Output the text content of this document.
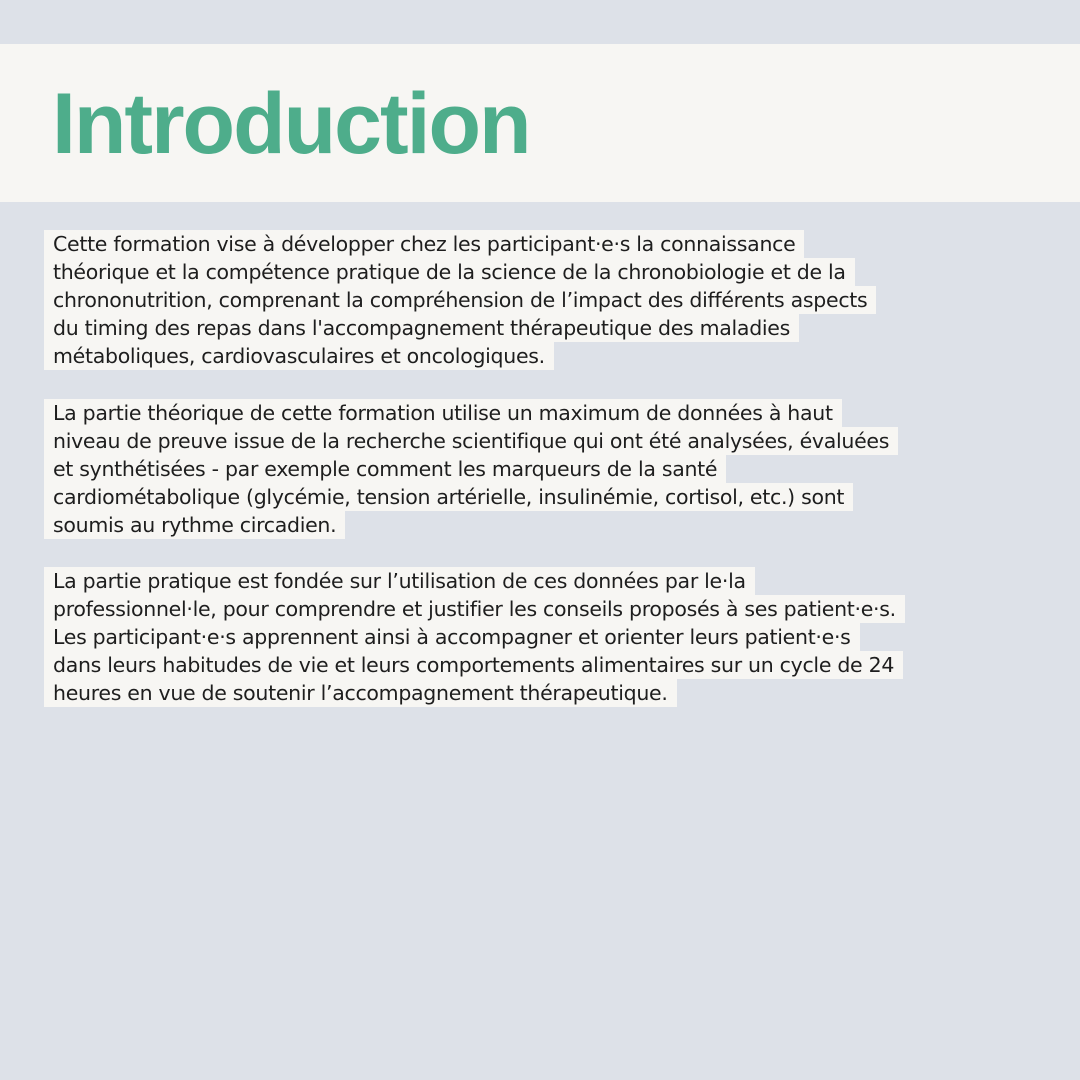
Introduction
Cette formation vise à développer chez les participant·e·s la connaissance
théorique et la compétence pratique de la science de la chronobiologie et de la
chrononutrition, comprenant la compréhension de l’impact des différents aspects
du timing des repas dans l'accompagnement thérapeutique des maladies
métaboliques, cardiovasculaires et oncologiques.
La partie théorique de cette formation utilise un maximum de données à haut
niveau de preuve issue de la recherche scientifique qui ont été analysées, évaluées
et synthétisées - par exemple comment les marqueurs de la santé
cardiométabolique (glycémie, tension artérielle, insulinémie, cortisol, etc.) sont
soumis au rythme circadien.
La partie pratique est fondée sur l’utilisation de ces données par le·la
professionnel·le, pour comprendre et justifier les conseils proposés à ses patient·e·s.
Les participant·e·s apprennent ainsi à accompagner et orienter leurs patient·e·s
dans leurs habitudes de vie et leurs comportements alimentaires sur un cycle de 24
heures en vue de soutenir l’accompagnement thérapeutique.
